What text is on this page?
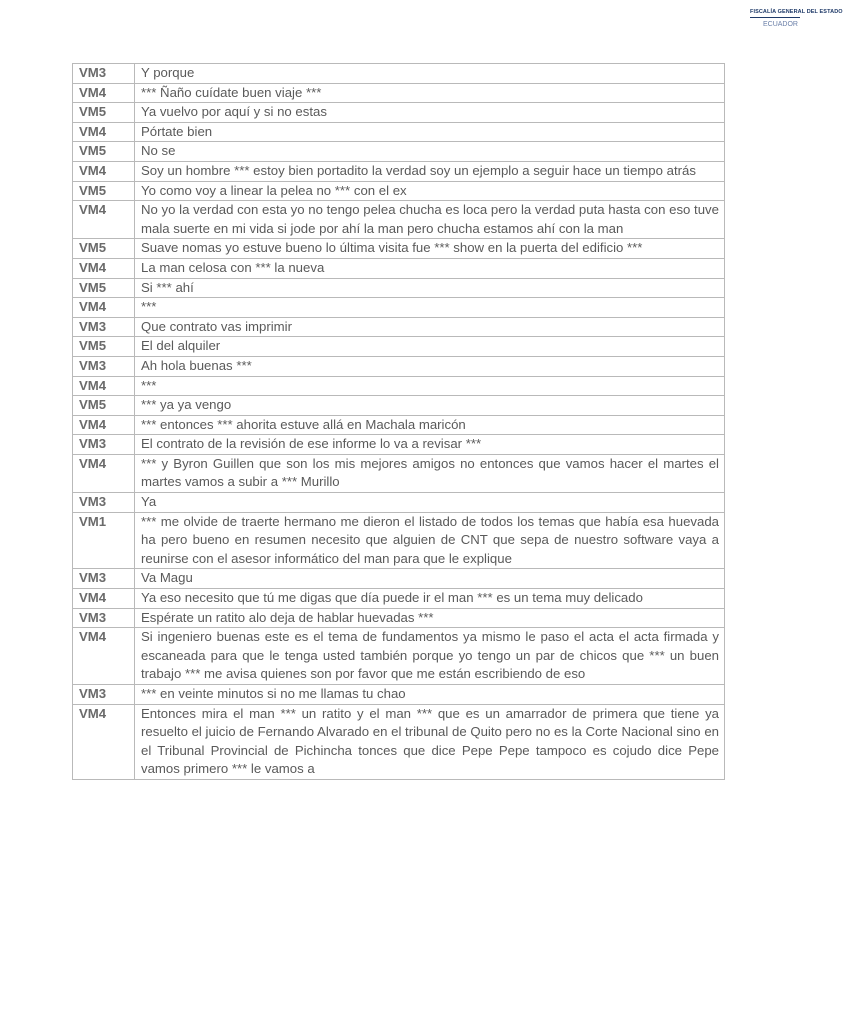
FISCALÍA GENERAL DEL ESTADO
ECUADOR
VM3	Y porque
VM4	*** Ñaño cuídate buen viaje ***
VM5	Ya vuelvo por aquí y si no estas
VM4	Pórtate bien
VM5	No se
VM4	Soy un hombre *** estoy bien portadito la verdad soy un ejemplo a seguir hace un tiempo atrás
VM5	Yo como voy a linear la pelea no *** con el ex
VM4	No yo la verdad con esta yo no tengo pelea chucha es loca pero la verdad puta hasta con eso tuve mala suerte en mi vida si jode por ahí la man pero chucha estamos ahí con la man
VM5	Suave nomas yo estuve bueno lo última visita fue *** show en la puerta del edificio ***
VM4	La man celosa con *** la nueva
VM5	Si *** ahí
VM4	***
VM3	Que contrato vas imprimir
VM5	El del alquiler
VM3	Ah hola buenas ***
VM4	***
VM5	*** ya ya vengo
VM4	*** entonces *** ahorita estuve allá en Machala maricón
VM3	El contrato de la revisión de ese informe lo va a revisar ***
VM4	*** y Byron Guillen que son los mis mejores amigos no entonces que vamos hacer el martes el martes vamos a subir a *** Murillo
VM3	Ya
VM1	*** me olvide de traerte hermano me dieron el listado de todos los temas que había esa huevada ha pero bueno en resumen necesito que alguien de CNT que sepa de nuestro software vaya a reunirse con el asesor informático del man para que le explique
VM3	Va Magu
VM4	Ya eso necesito que tú me digas que día puede ir el man *** es un tema muy delicado
VM3	Espérate un ratito alo deja de hablar huevadas ***
VM4	Si ingeniero buenas este es el tema de fundamentos ya mismo le paso el acta el acta firmada y escaneada para que le tenga usted también porque yo tengo un par de chicos que *** un buen trabajo *** me avisa quienes son por favor que me están escribiendo de eso
VM3	*** en veinte minutos si no me llamas tu chao
VM4	Entonces mira el man *** un ratito y el man *** que es un amarrador de primera que tiene ya resuelto el juicio de Fernando Alvarado en el tribunal de Quito pero no es la Corte Nacional sino en el Tribunal Provincial de Pichincha tonces que dice Pepe Pepe tampoco es cojudo dice Pepe vamos primero *** le vamos a
